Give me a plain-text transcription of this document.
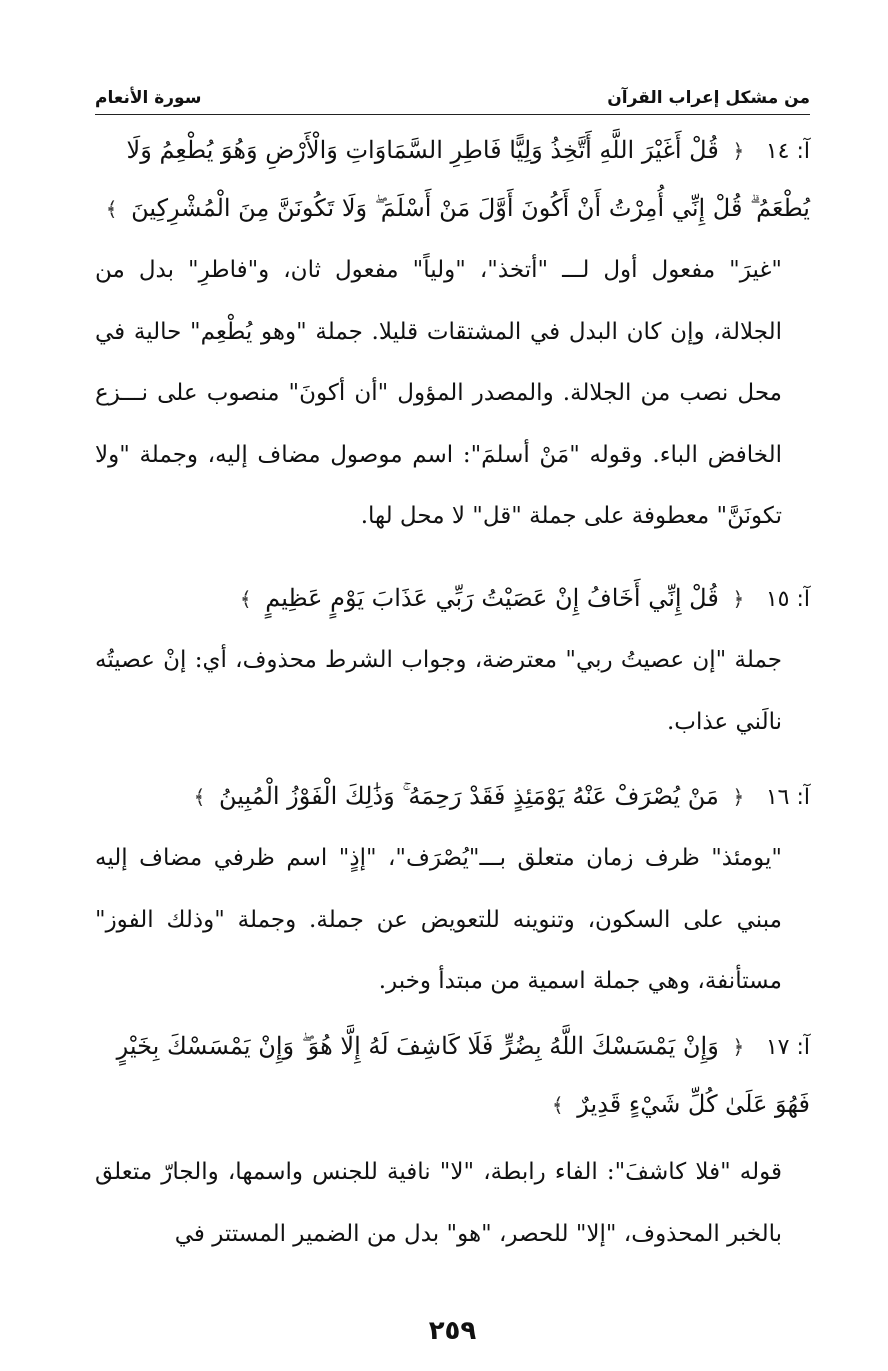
من مشكل إعراب القرآن
سورة الأنعام
آ: ١٤ ﴿ قُلْ أَغَيْرَ اللَّهِ أَتَّخِذُ وَلِيًّا فَاطِرِ السَّمَاوَاتِ وَالْأَرْضِ وَهُوَ يُطْعِمُ وَلَا يُطْعَمُ ۗ قُلْ إِنِّي أُمِرْتُ أَنْ أَكُونَ أَوَّلَ مَنْ أَسْلَمَ ۖ وَلَا تَكُونَنَّ مِنَ الْمُشْرِكِينَ ﴾
"غيرَ" مفعول أول لـــ "أتخذ"، "ولياً" مفعول ثان، و"فاطرِ" بدل من الجلالة، وإن كان البدل في المشتقات قليلا. جملة "وهو يُطْعِم" حالية في محل نصب من الجلالة. والمصدر المؤول "أن أكونَ" منصوب على نـــزع الخافض الباء. وقوله "مَنْ أسلمَ": اسم موصول مضاف إليه، وجملة "ولا تكونَنَّ" معطوفة على جملة "قل" لا محل لها.
آ: ١٥ ﴿ قُلْ إِنِّي أَخَافُ إِنْ عَصَيْتُ رَبِّي عَذَابَ يَوْمٍ عَظِيمٍ ﴾
جملة "إن عصيتُ ربي" معترضة، وجواب الشرط محذوف، أي: إنْ عصيتُه نالَني عذاب.
آ: ١٦ ﴿ مَنْ يُصْرَفْ عَنْهُ يَوْمَئِذٍ فَقَدْ رَحِمَهُ ۚ وَذَٰلِكَ الْفَوْزُ الْمُبِينُ ﴾
"يومئذ" ظرف زمان متعلق بـــ"يُصْرَف"، "إذٍ" اسم ظرفي مضاف إليه مبني على السكون، وتنوينه للتعويض عن جملة. وجملة "وذلك الفوز" مستأنفة، وهي جملة اسمية من مبتدأ وخبر.
آ: ١٧ ﴿ وَإِنْ يَمْسَسْكَ اللَّهُ بِضُرٍّ فَلَا كَاشِفَ لَهُ إِلَّا هُوَ ۖ وَإِنْ يَمْسَسْكَ بِخَيْرٍ فَهُوَ عَلَىٰ كُلِّ شَيْءٍ قَدِيرٌ ﴾
قوله "فلا كاشفَ": الفاء رابطة، "لا" نافية للجنس واسمها، والجارّ متعلق بالخبر المحذوف، "إلا" للحصر، "هو" بدل من الضمير المستتر في
٢٥٩
